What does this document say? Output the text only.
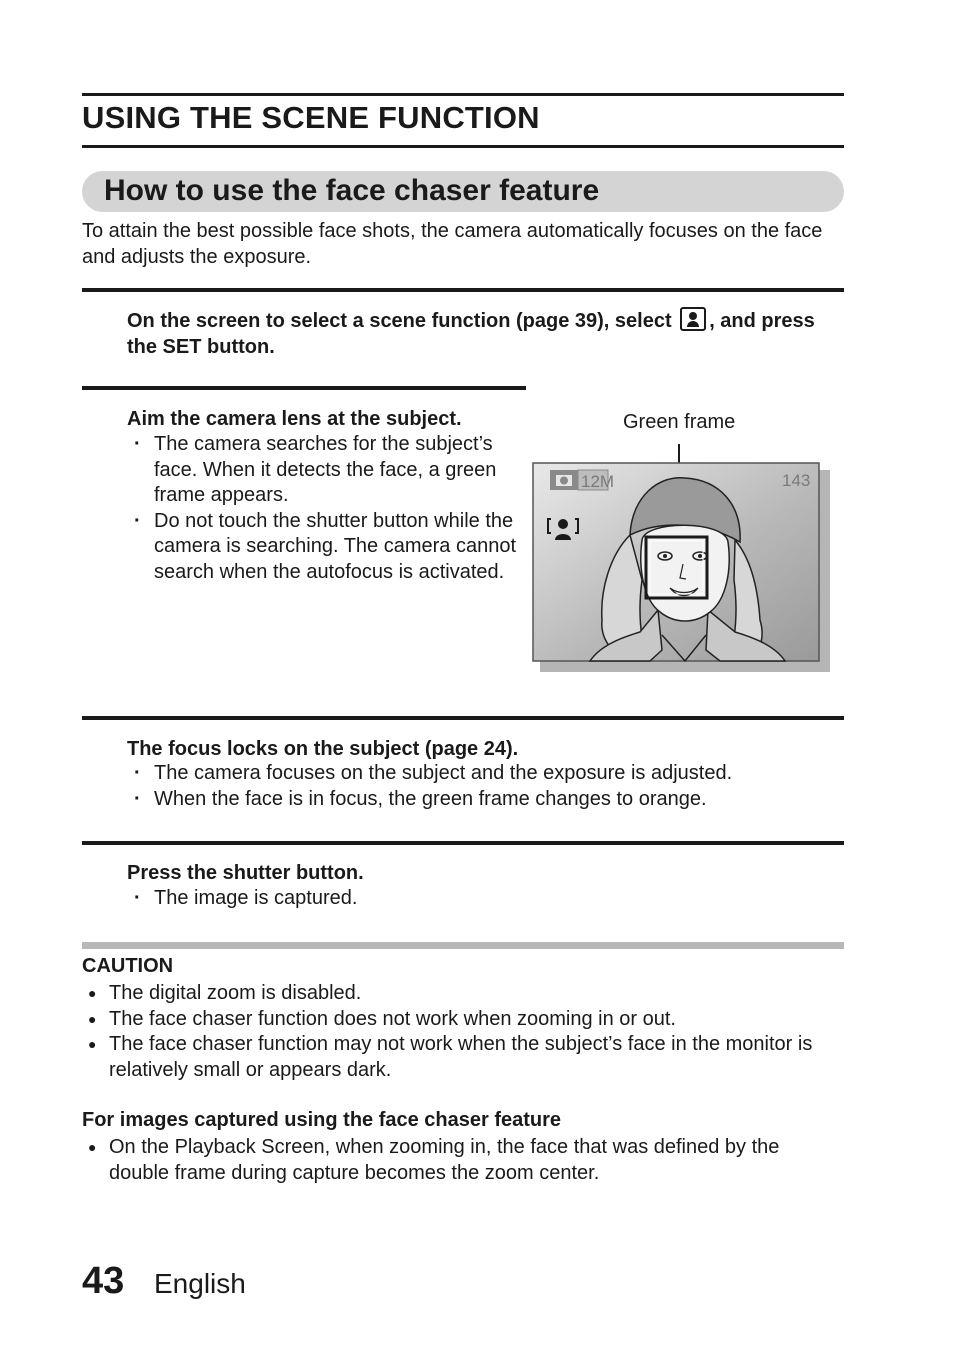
USING THE SCENE FUNCTION
How to use the face chaser feature
To attain the best possible face shots, the camera automatically focuses on the face and adjusts the exposure.
On the screen to select a scene function (page 39), select , and press the SET button.
Aim the camera lens at the subject.
· The camera searches for the subject’s face. When it detects the face, a green frame appears.
· Do not touch the shutter button while the camera is searching. The camera cannot search when the autofocus is activated.
Green frame
12M	143
The focus locks on the subject (page 24).
· The camera focuses on the subject and the exposure is adjusted.
· When the face is in focus, the green frame changes to orange.
Press the shutter button.
· The image is captured.
CAUTION
● The digital zoom is disabled.
● The face chaser function does not work when zooming in or out.
● The face chaser function may not work when the subject’s face in the monitor is relatively small or appears dark.
For images captured using the face chaser feature
● On the Playback Screen, when zooming in, the face that was defined by the double frame during capture becomes the zoom center.
43 English
